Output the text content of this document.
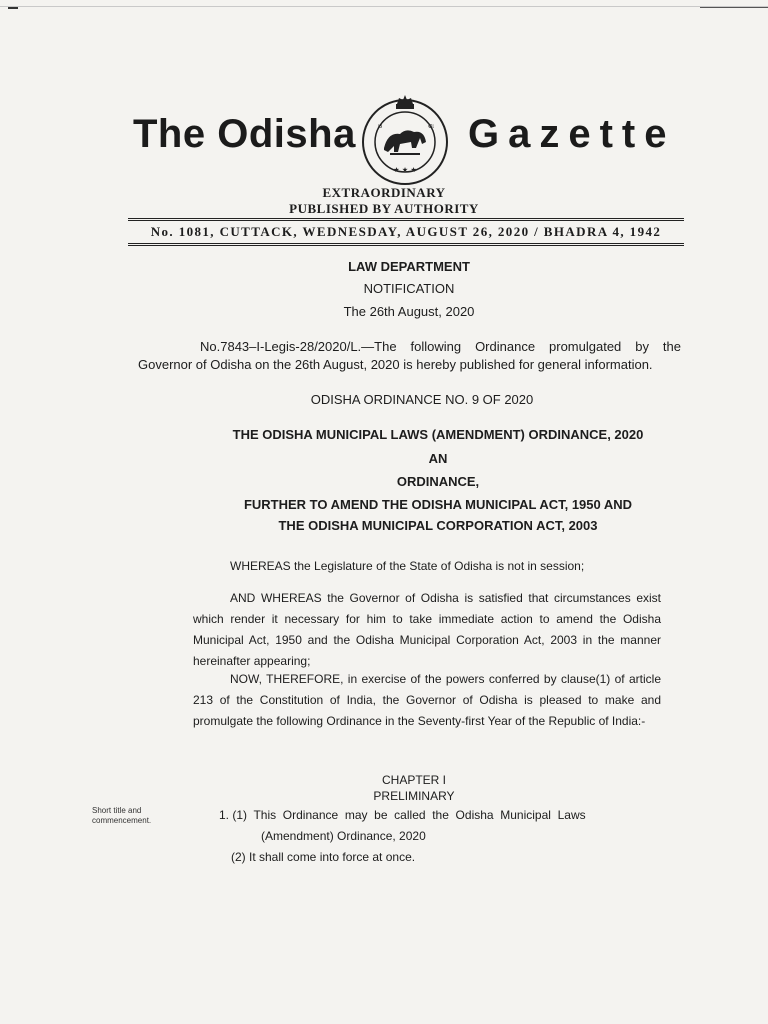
The Odisha
★ ★ ★
ଓ	ଶା Gazette
EXTRAORDINARY
PUBLISHED BY AUTHORITY
No. 1081, CUTTACK, WEDNESDAY, AUGUST 26, 2020 / BHADRA 4, 1942
LAW DEPARTMENT
NOTIFICATION
The 26th August, 2020
No.7843–I-Legis-28/2020/L.—The following Ordinance promulgated by the Governor of Odisha on the 26th August, 2020 is hereby published for general information.
ODISHA ORDINANCE NO. 9 OF 2020
THE ODISHA MUNICIPAL LAWS (AMENDMENT) ORDINANCE, 2020
AN
ORDINANCE,
FURTHER TO AMEND THE ODISHA MUNICIPAL ACT, 1950 AND
THE ODISHA MUNICIPAL CORPORATION ACT, 2003
WHEREAS the Legislature of the State of Odisha is not in session;
AND WHEREAS the Governor of Odisha is satisfied that circumstances exist which render it necessary for him to take immediate action to amend the Odisha Municipal Act, 1950 and the Odisha Municipal Corporation Act, 2003 in the manner hereinafter appearing;
NOW, THEREFORE, in exercise of the powers conferred by clause(1) of article 213 of the Constitution of India, the Governor of Odisha is pleased to make and promulgate the following Ordinance in the Seventy-first Year of the Republic of India:-
CHAPTER I
PRELIMINARY
Short title and commencement.	1. (1)  This  Ordinance  may  be  called  the  Odisha  Municipal  Laws
(Amendment) Ordinance, 2020
(2) It shall come into force at once.
